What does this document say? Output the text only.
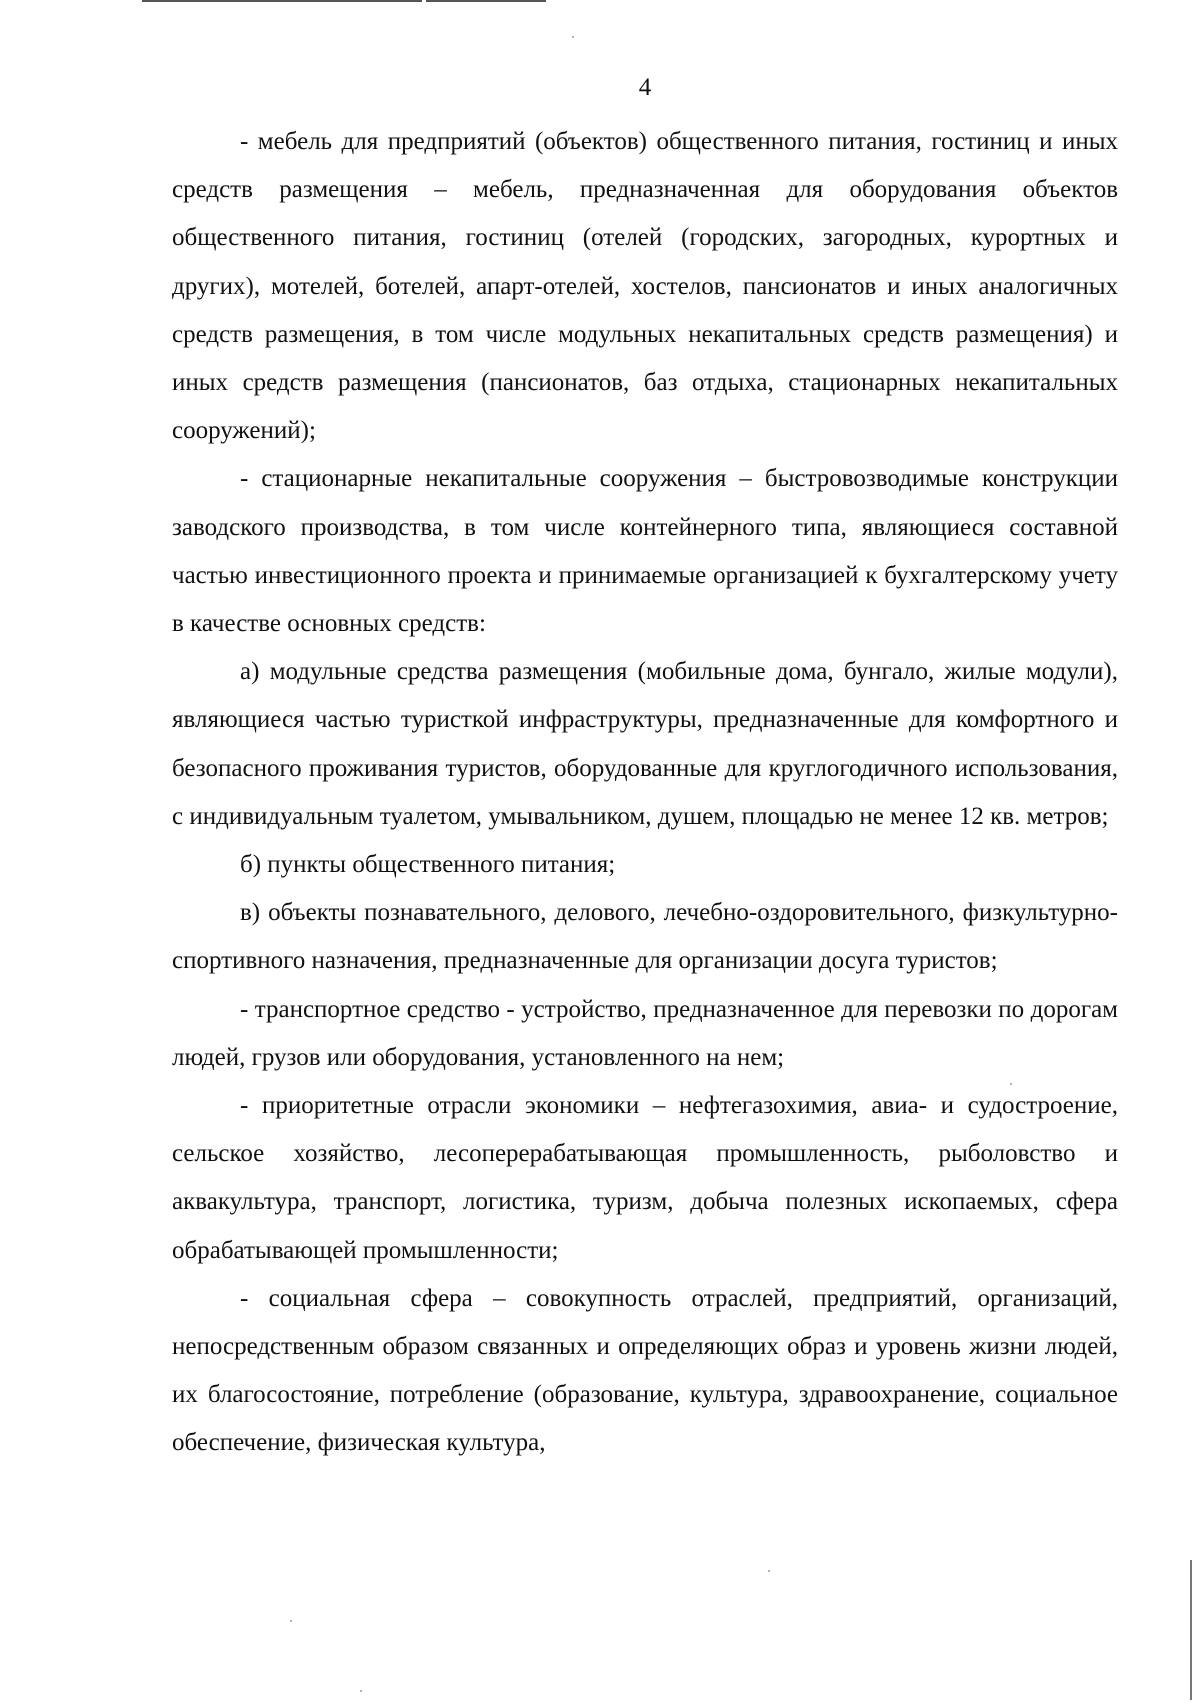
4

- мебель для предприятий (объектов) общественного питания, гостиниц и иных средств размещения – мебель, предназначенная для оборудования объектов общественного питания, гостиниц (отелей (городских, загородных, курортных и других), мотелей, ботелей, апарт-отелей, хостелов, пансионатов и иных аналогичных средств размещения, в том числе модульных некапитальных средств размещения) и иных средств размещения (пансионатов, баз отдыха, стационарных некапитальных сооружений);

- стационарные некапитальные сооружения – быстровозводимые конструкции заводского производства, в том числе контейнерного типа, являющиеся составной частью инвестиционного проекта и принимаемые организацией к бухгалтерскому учету в качестве основных средств:

а) модульные средства размещения (мобильные дома, бунгало, жилые модули), являющиеся частью туристкой инфраструктуры, предназначенные для комфортного и безопасного проживания туристов, оборудованные для круглогодичного использования, с индивидуальным туалетом, умывальником, душем, площадью не менее 12 кв. метров;

б) пункты общественного питания;

в) объекты познавательного, делового, лечебно-оздоровительного, физкультурно-спортивного назначения, предназначенные для организации досуга туристов;

- транспортное средство - устройство, предназначенное для перевозки по дорогам людей, грузов или оборудования, установленного на нем;

- приоритетные отрасли экономики – нефтегазохимия, авиа- и судостроение, сельское хозяйство, лесоперерабатывающая промышленность, рыболовство и аквакультура, транспорт, логистика, туризм, добыча полезных ископаемых, сфера обрабатывающей промышленности;

- социальная сфера – совокупность отраслей, предприятий, организаций, непосредственным образом связанных и определяющих образ и уровень жизни людей, их благосостояние, потребление (образование, культура, здравоохранение, социальное обеспечение, физическая культура,
